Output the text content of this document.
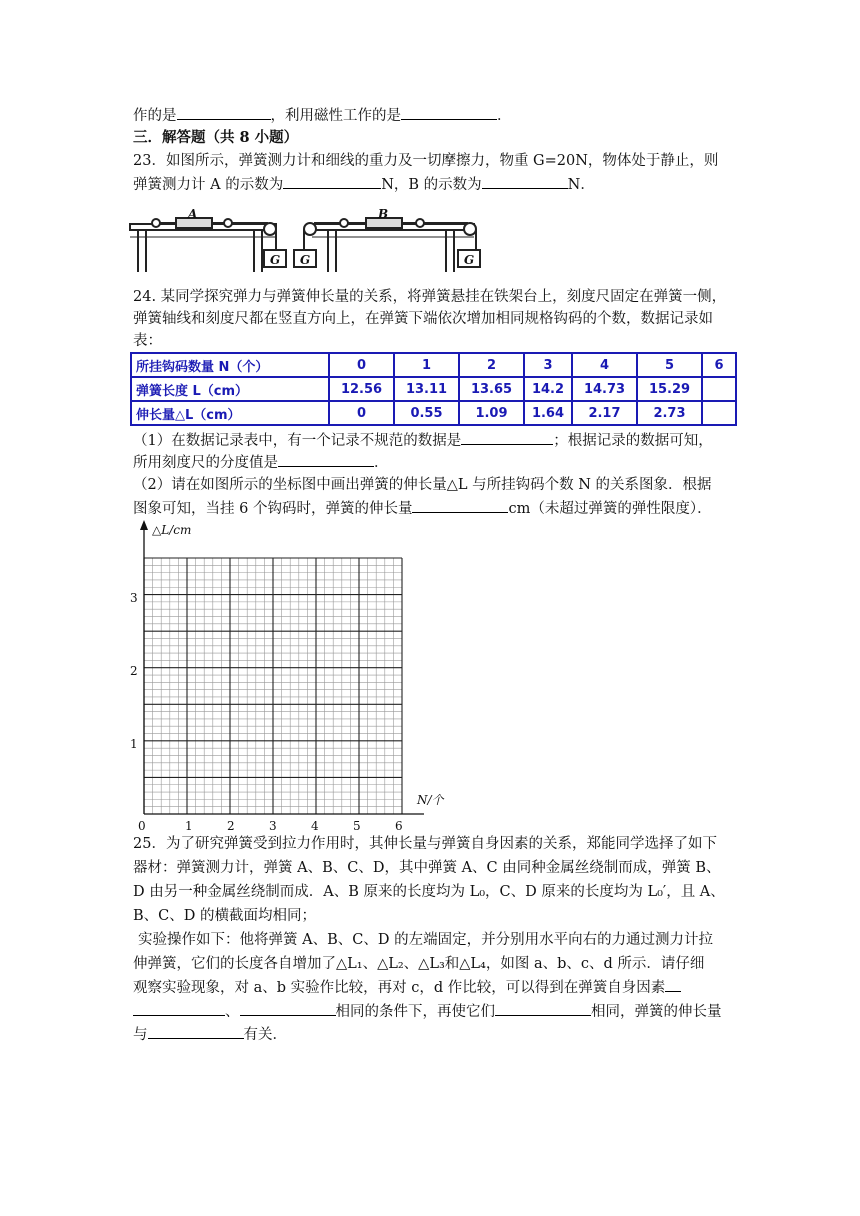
作的是	，利用磁性工作的是	．
三．解答题（共 8 小题）
23．如图所示，弹簧测力计和细线的重力及一切摩擦力，物重 G=20N，物体处于静止，则
弹簧测力计 A 的示数为	N，B 的示数为	N．
A
G
B
G	G
24. 某同学探究弹力与弹簧伸长量的关系，将弹簧悬挂在铁架台上，刻度尺固定在弹簧一侧，
弹簧轴线和刻度尺都在竖直方向上，在弹簧下端依次增加相同规格钩码的个数，数据记录如
表：
所挂钩码数量 N（个）	0	1	2	3	4	5	6
弹簧长度 L（cm）	12.56	13.11	13.65	14.2	14.73	15.29	
伸长量△L（cm）	0	0.55	1.09	1.64	2.17	2.73	
（1）在数据记录表中，有一个记录不规范的数据是	；根据记录的数据可知，
所用刻度尺的分度值是	．
（2）请在如图所示的坐标图中画出弹簧的伸长量△L 与所挂钩码个数 N 的关系图象．根据
图象可知，当挂 6 个钩码时，弹簧的伸长量	cm（未超过弹簧的弹性限度）．
△L/cm
N/个
0	1	2	3	4	5	6
1
2
3
25．为了研究弹簧受到拉力作用时，其伸长量与弹簧自身因素的关系，郑能同学选择了如下
器材：弹簧测力计，弹簧 A、B、C、D，其中弹簧 A、C 由同种金属丝绕制而成，弹簧 B、
D 由另一种金属丝绕制而成．A、B 原来的长度均为 L₀，C、D 原来的长度均为 L₀′，且 A、
B、C、D 的横截面均相同；
实验操作如下：他将弹簧 A、B、C、D 的左端固定，并分别用水平向右的力通过测力计拉
伸弹簧，它们的长度各自增加了△L₁、△L₂、△L₃和△L₄，如图 a、b、c、d 所示．请仔细
观察实验现象，对 a、b 实验作比较，再对 c，d 作比较，可以得到在弹簧自身因素
、	相同的条件下，再使它们	相同，弹簧的伸长量
与	有关．
